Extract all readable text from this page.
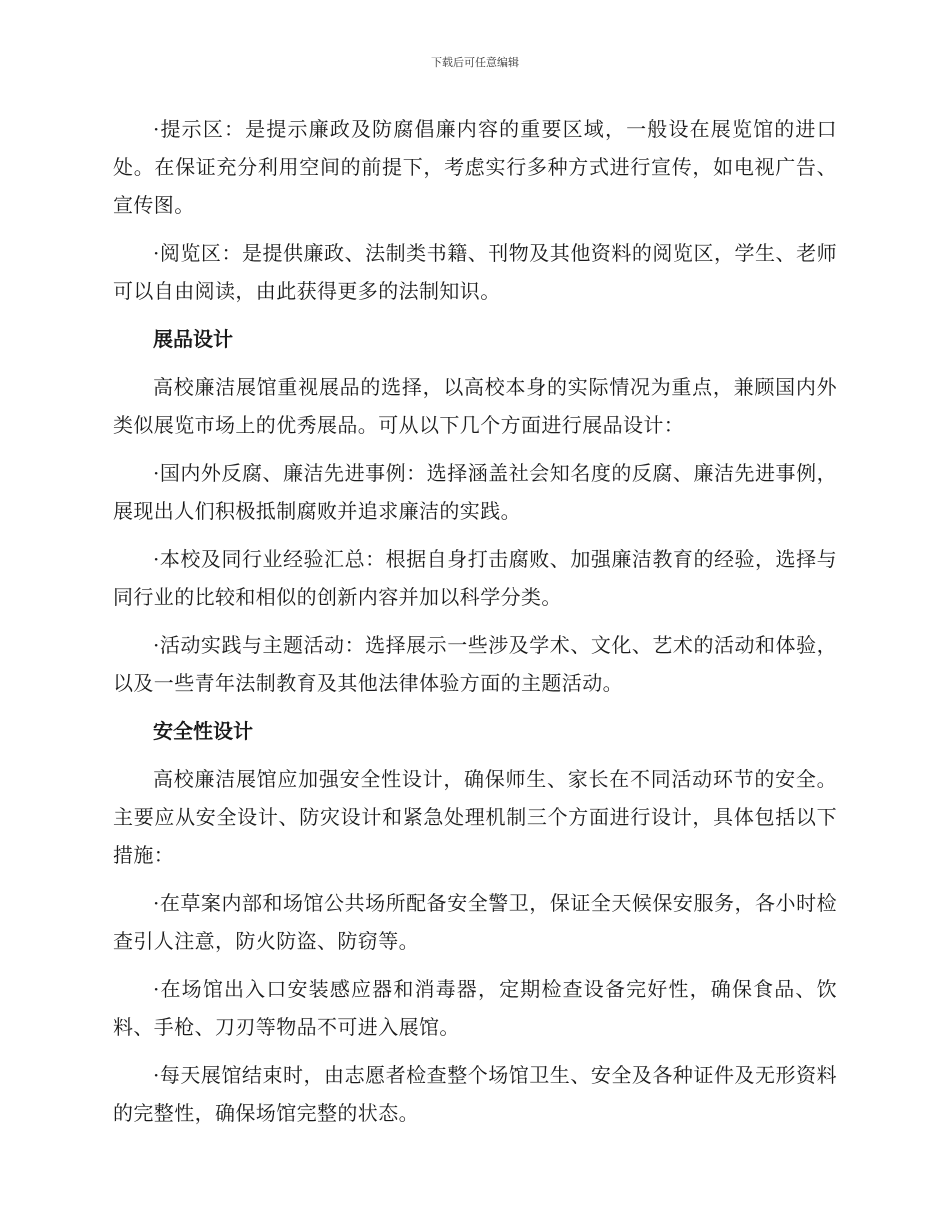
下载后可任意编辑

·提示区：是提示廉政及防腐倡廉内容的重要区域，一般设在展览馆的进口处。在保证充分利用空间的前提下，考虑实行多种方式进行宣传，如电视广告、宣传图。

·阅览区：是提供廉政、法制类书籍、刊物及其他资料的阅览区，学生、老师可以自由阅读，由此获得更多的法制知识。

展品设计

高校廉洁展馆重视展品的选择，以高校本身的实际情况为重点，兼顾国内外类似展览市场上的优秀展品。可从以下几个方面进行展品设计：

·国内外反腐、廉洁先进事例：选择涵盖社会知名度的反腐、廉洁先进事例，展现出人们积极抵制腐败并追求廉洁的实践。

·本校及同行业经验汇总：根据自身打击腐败、加强廉洁教育的经验，选择与同行业的比较和相似的创新内容并加以科学分类。

·活动实践与主题活动：选择展示一些涉及学术、文化、艺术的活动和体验，以及一些青年法制教育及其他法律体验方面的主题活动。

安全性设计

高校廉洁展馆应加强安全性设计，确保师生、家长在不同活动环节的安全。主要应从安全设计、防灾设计和紧急处理机制三个方面进行设计，具体包括以下措施：

·在草案内部和场馆公共场所配备安全警卫，保证全天候保安服务，各小时检查引人注意，防火防盗、防窃等。

·在场馆出入口安装感应器和消毒器，定期检查设备完好性，确保食品、饮料、手枪、刀刃等物品不可进入展馆。

·每天展馆结束时，由志愿者检查整个场馆卫生、安全及各种证件及无形资料的完整性，确保场馆完整的状态。
